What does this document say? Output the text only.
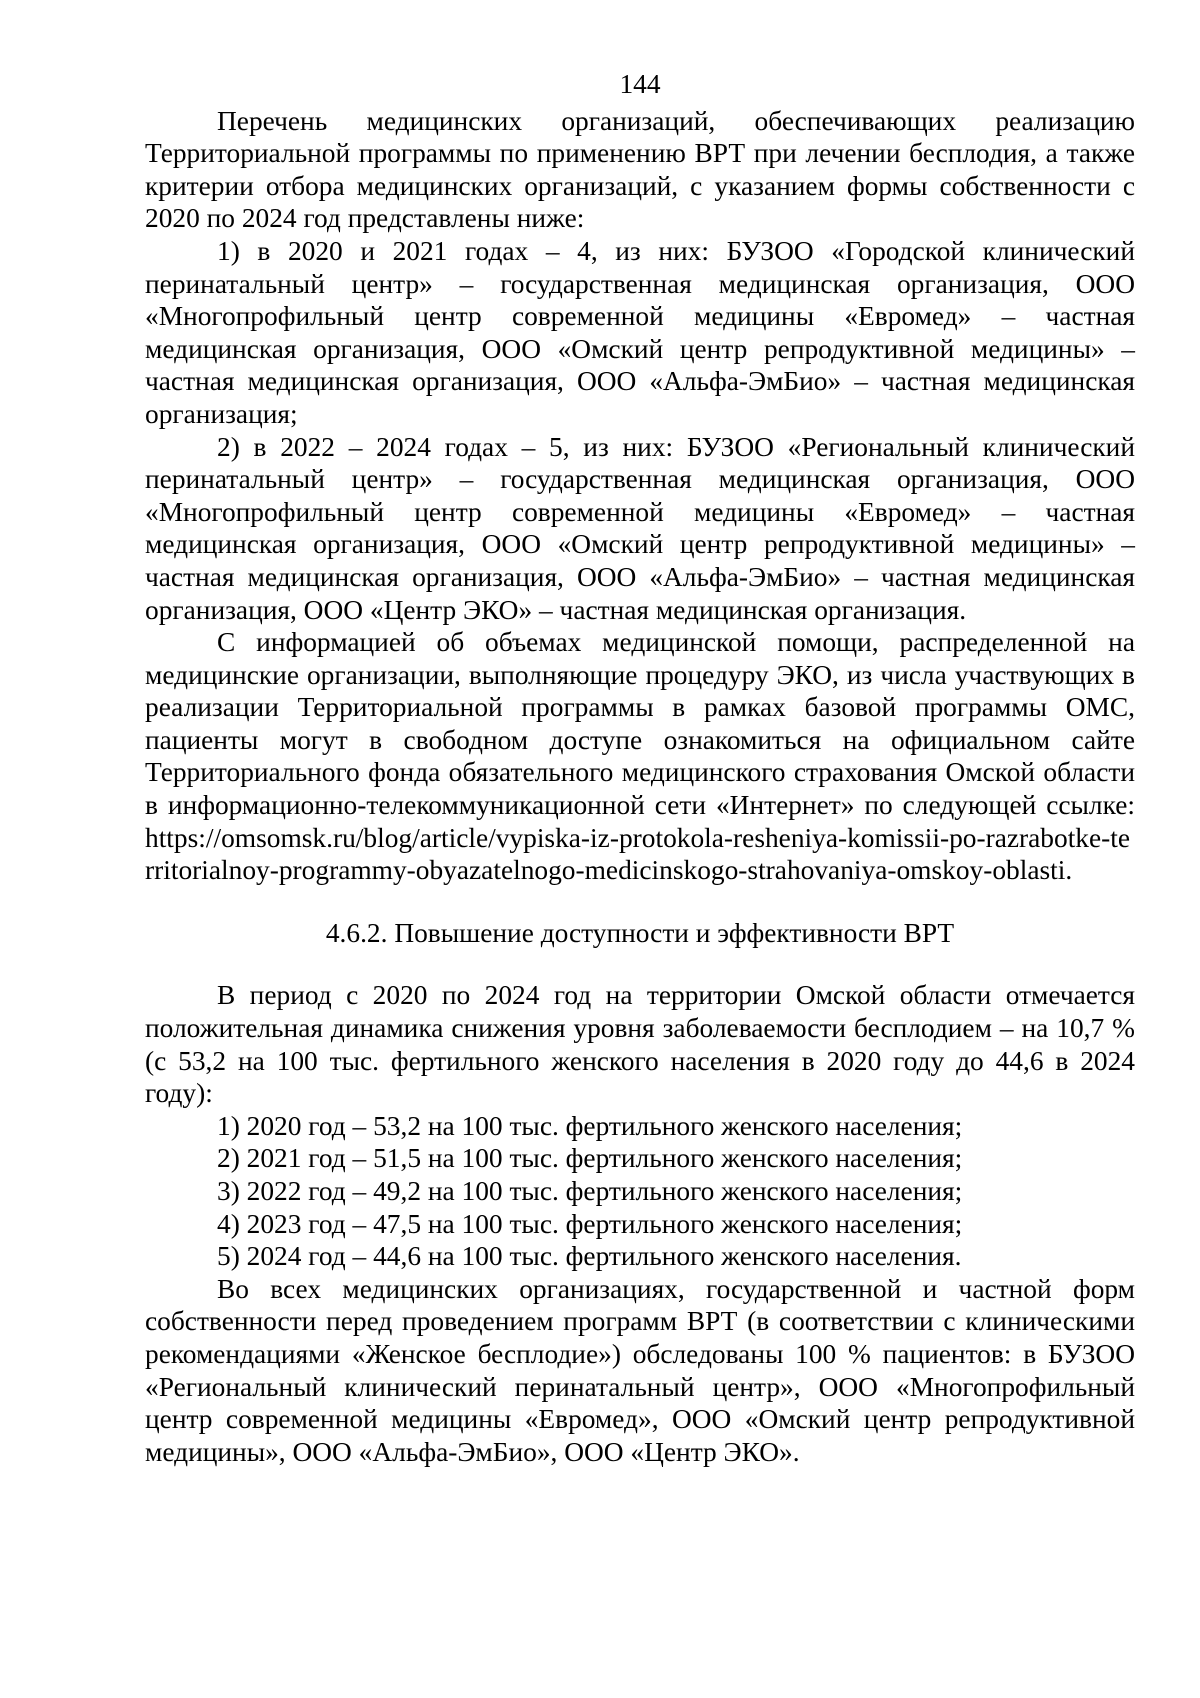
144

Перечень медицинских организаций, обеспечивающих реализацию Территориальной программы по применению ВРТ при лечении бесплодия, а также критерии отбора медицинских организаций, с указанием формы собственности с 2020 по 2024 год представлены ниже:

1) в 2020 и 2021 годах – 4, из них: БУЗОО «Городской клинический перинатальный центр» – государственная медицинская организация, ООО «Многопрофильный центр современной медицины «Евромед» – частная медицинская организация, ООО «Омский центр репродуктивной медицины» – частная медицинская организация, ООО «Альфа-ЭмБио» – частная медицинская организация;

2) в 2022 – 2024 годах – 5, из них: БУЗОО «Региональный клинический перинатальный центр» – государственная медицинская организация, ООО «Многопрофильный центр современной медицины «Евромед» – частная медицинская организация, ООО «Омский центр репродуктивной медицины» – частная медицинская организация, ООО «Альфа-ЭмБио» – частная медицинская организация, ООО «Центр ЭКО» – частная медицинская организация.

С информацией об объемах медицинской помощи, распределенной на медицинские организации, выполняющие процедуру ЭКО, из числа участвующих в реализации Территориальной программы в рамках базовой программы ОМС, пациенты могут в свободном доступе ознакомиться на официальном сайте Территориального фонда обязательного медицинского страхования Омской области в информационно-телекоммуникационной сети «Интернет» по следующей ссылке: https://omsomsk.ru/blog/article/vypiska-iz-protokola-resheniya-komissii-po-razrabotke-territorialnoy-programmy-obyazatelnogo-medicinskogo-strahovaniya-omskoy-oblasti.

4.6.2. Повышение доступности и эффективности ВРТ

В период с 2020 по 2024 год на территории Омской области отмечается положительная динамика снижения уровня заболеваемости бесплодием – на 10,7 % (с 53,2 на 100 тыс. фертильного женского населения в 2020 году до 44,6 в 2024 году):

1) 2020 год – 53,2 на 100 тыс. фертильного женского населения;
2) 2021 год – 51,5 на 100 тыс. фертильного женского населения;
3) 2022 год – 49,2 на 100 тыс. фертильного женского населения;
4) 2023 год – 47,5 на 100 тыс. фертильного женского населения;
5) 2024 год – 44,6 на 100 тыс. фертильного женского населения.

Во всех медицинских организациях, государственной и частной форм собственности перед проведением программ ВРТ (в соответствии с клиническими рекомендациями «Женское бесплодие») обследованы 100 % пациентов: в БУЗОО «Региональный клинический перинатальный центр», ООО «Многопрофильный центр современной медицины «Евромед», ООО «Омский центр репродуктивной медицины», ООО «Альфа-ЭмБио», ООО «Центр ЭКО».
